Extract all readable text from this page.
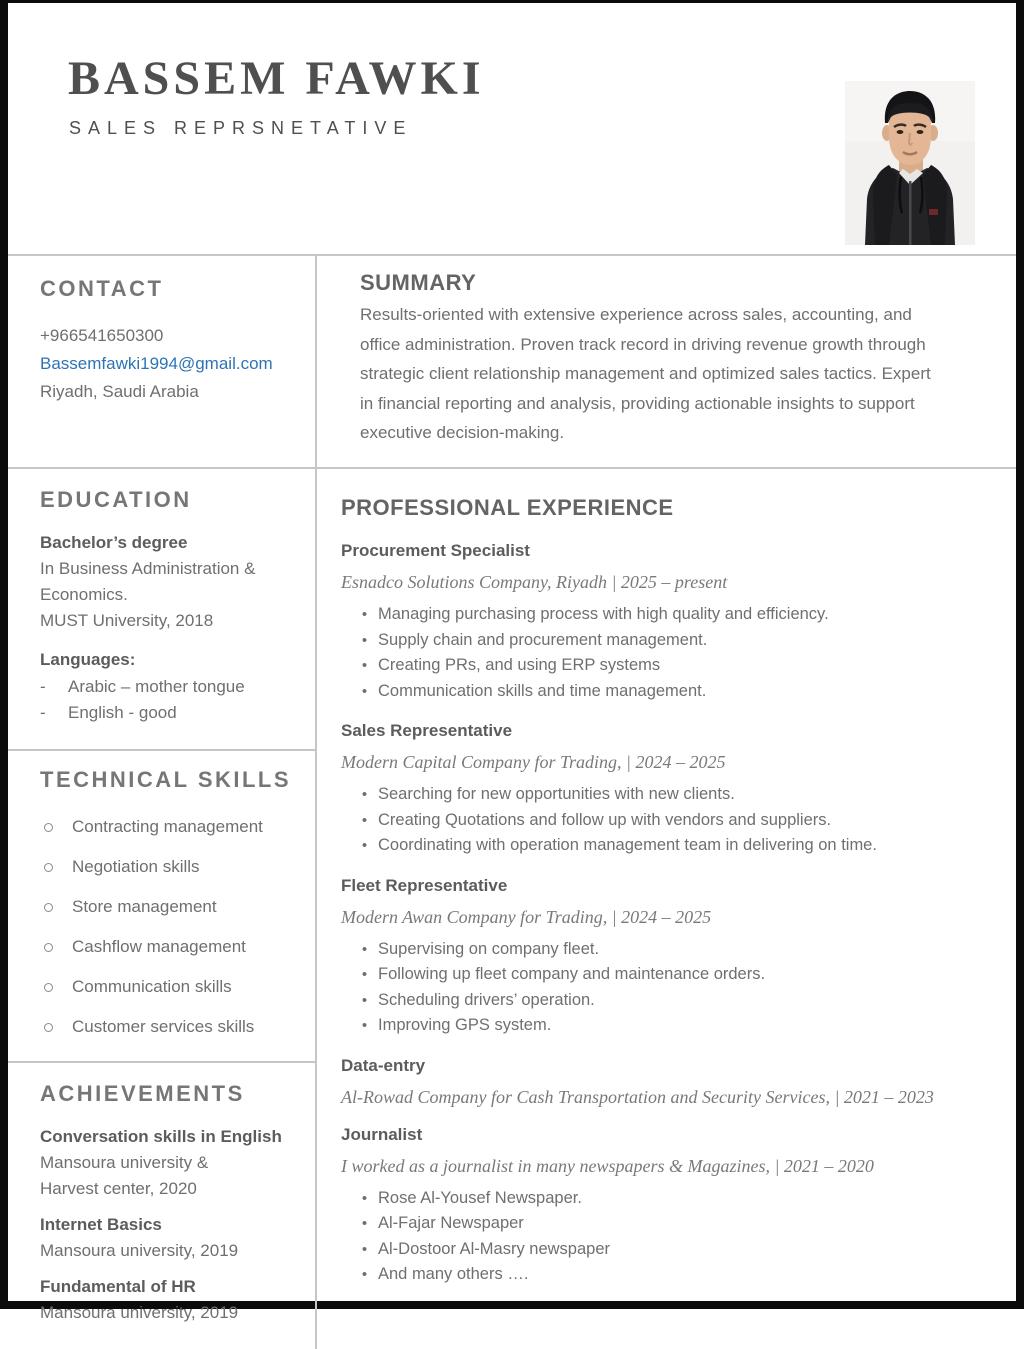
BASSEM FAWKI
SALES REPRSNETATIVE
CONTACT
+966541650300
Bassemfawki1994@gmail.com
Riyadh, Saudi Arabia
SUMMARY
Results-oriented with extensive experience across sales, accounting, and office administration. Proven track record in driving revenue growth through strategic client relationship management and optimized sales tactics. Expert in financial reporting and analysis, providing actionable insights to support executive decision-making.
EDUCATION
Bachelor’s degree
In Business Administration &
Economics.
MUST University, 2018
Languages:
-	Arabic – mother tongue
-	English - good
TECHNICAL SKILLS
Contracting management
Negotiation skills
Store management
Cashflow management
Communication skills
Customer services skills
ACHIEVEMENTS
Conversation skills in English
Mansoura university &
Harvest center, 2020
Internet Basics
Mansoura university, 2019
Fundamental of HR
Mansoura university, 2019
PROFESSIONAL EXPERIENCE
Procurement Specialist
Esnadco Solutions Company, Riyadh | 2025 – present
• Managing purchasing process with high quality and efficiency.
• Supply chain and procurement management.
• Creating PRs, and using ERP systems
• Communication skills and time management.
Sales Representative
Modern Capital Company for Trading, | 2024 – 2025
• Searching for new opportunities with new clients.
• Creating Quotations and follow up with vendors and suppliers.
• Coordinating with operation management team in delivering on time.
Fleet Representative
Modern Awan Company for Trading, | 2024 – 2025
• Supervising on company fleet.
• Following up fleet company and maintenance orders.
• Scheduling drivers’ operation.
• Improving GPS system.
Data-entry
Al-Rowad Company for Cash Transportation and Security Services, | 2021 – 2023
Journalist
I worked as a journalist in many newspapers & Magazines, | 2021 – 2020
• Rose Al-Yousef Newspaper.
• Al-Fajar Newspaper
• Al-Dostoor Al-Masry newspaper
• And many others ….
